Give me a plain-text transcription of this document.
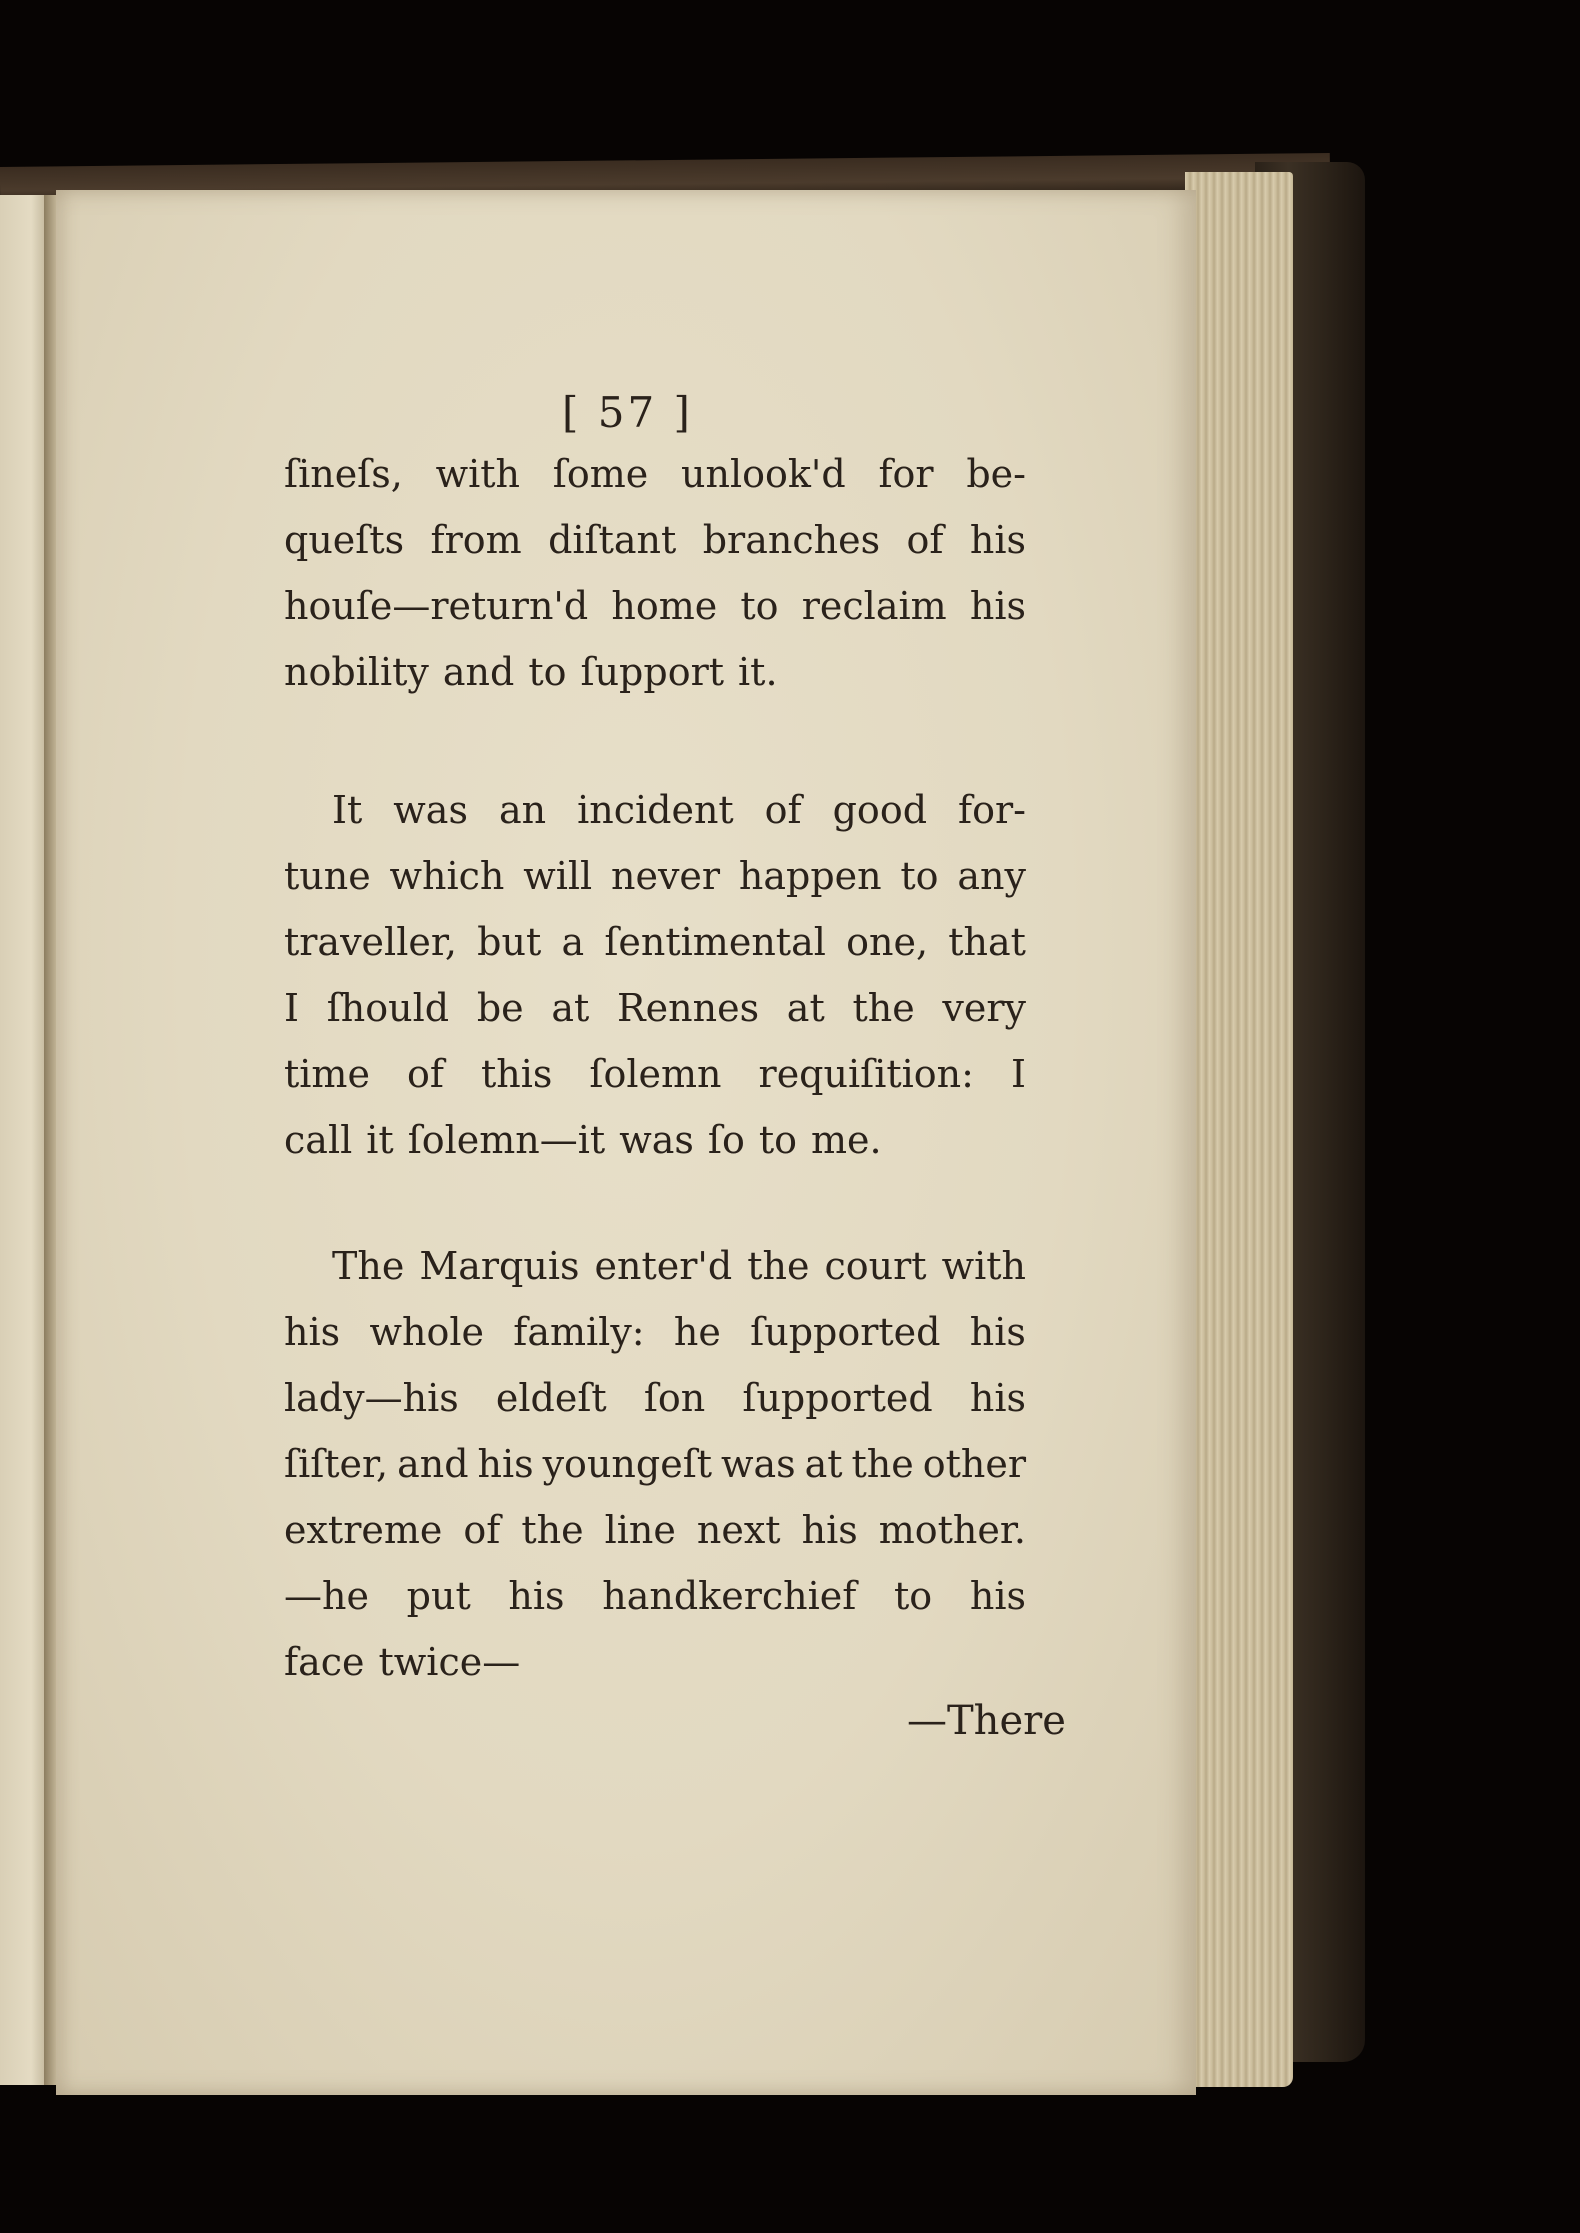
[ 57 ]
ſineſs, with ſome unlook'd for be-
queſts from diſtant branches of his
houſe—return'd home to reclaim his
nobility and to ſupport it.
It was an incident of good for-
tune which will never happen to any
traveller, but a ſentimental one, that
I ſhould be at Rennes at the very
time of this ſolemn requiſition: I
call it ſolemn—it was ſo to me.
The Marquis enter'd the court with
his whole family: he ſupported his
lady—his eldeſt ſon ſupported his
ſiſter, and his youngeſt was at the other
extreme of the line next his mother.
—he put his handkerchief to his
face twice—
—There
